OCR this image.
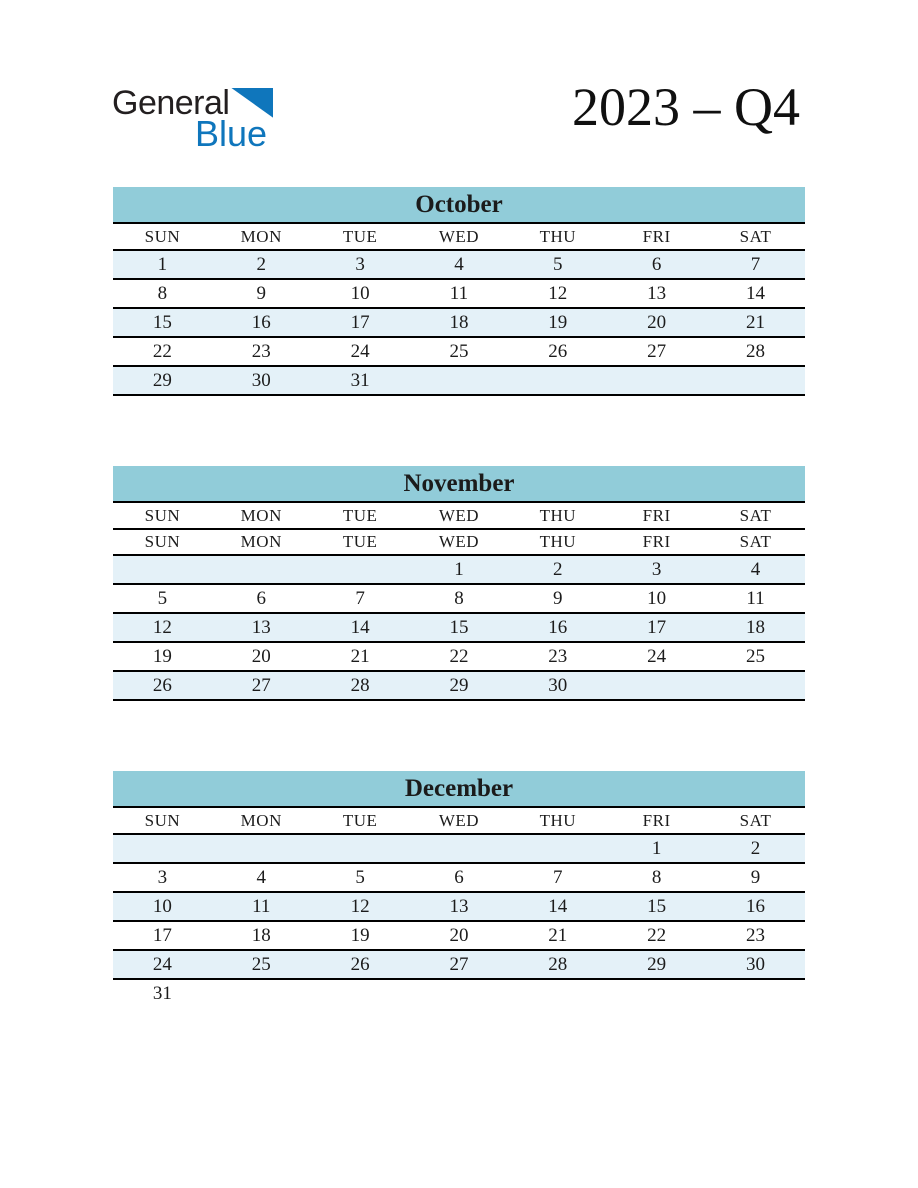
General
Blue	2023 – Q4
October
SUN	MON	TUE	WED	THU	FRI	SAT
1	2	3	4	5	6	7
8	9	10	11	12	13	14
15	16	17	18	19	20	21
22	23	24	25	26	27	28
29	30	31				
November
SUN	MON	TUE	WED	THU	FRI	SAT
SUN	MON	TUE	WED	THU	FRI	SAT
			1	2	3	4
5	6	7	8	9	10	11
12	13	14	15	16	17	18
19	20	21	22	23	24	25
26	27	28	29	30		
December
SUN	MON	TUE	WED	THU	FRI	SAT
					1	2
3	4	5	6	7	8	9
10	11	12	13	14	15	16
17	18	19	20	21	22	23
24	25	26	27	28	29	30
31						
